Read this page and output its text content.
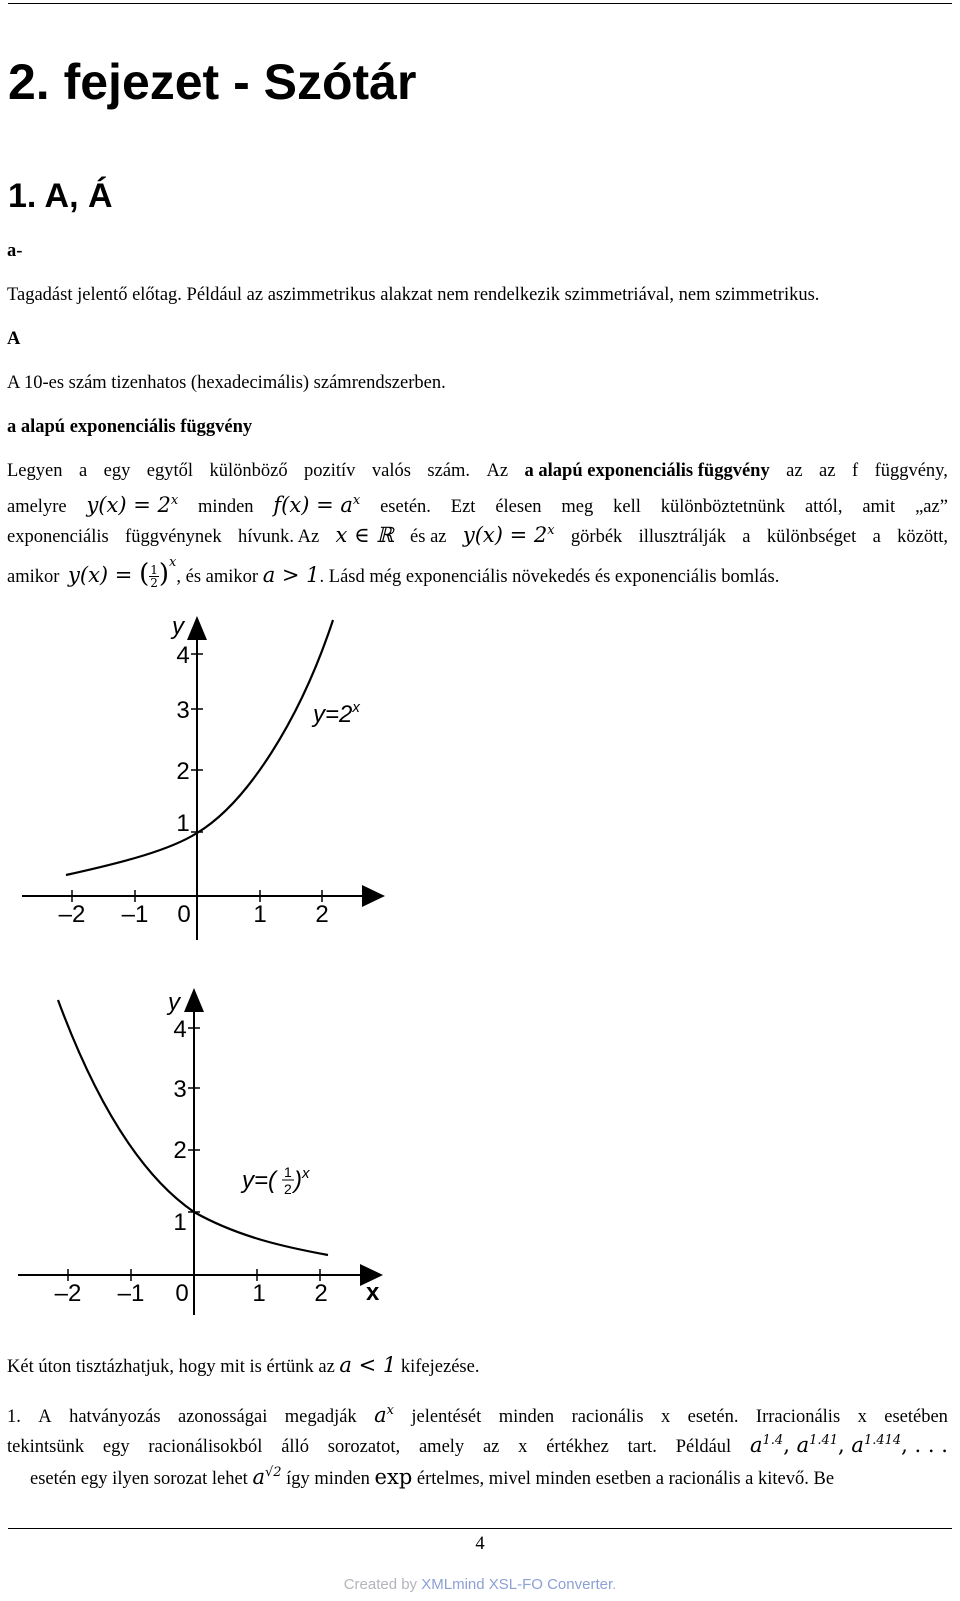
2. fejezet - Szótár
1. A, Á
a-
Tagadást jelentő előtag. Például az aszimmetrikus alakzat nem rendelkezik szimmetriával, nem szimmetrikus.
A
A 10-es szám tizenhatos (hexadecimális) számrendszerben.
a alapú exponenciális függvény
Legyen a egy egytől különböző pozitív valós szám. Az a alapú exponenciális függvény az az f függvény,
amelyre $y(x) = 2^x$ minden $f(x) = a^x$ esetén. Ezt élesen meg kell különböztetnünk attól, amit „az”
exponenciális függvénynek hívunk. Az x ∈ ℝ és az $y(x) = 2^x$ görbék illusztrálják a különbséget a között,
amikor y(x) = ( $\frac{1}{2} )^x$, és amikor a > 1. Lásd még exponenciális növekedés és exponenciális bomlás.
y
–2 –1 0	1 2
1
2
3
4
$y=2^x$
y
x
–2 –1 0	1 2
1
2
3
4
y=( 1
2 )$^x$
Két úton tisztázhatjuk, hogy mit is értünk az a < 1 kifejezése.
1. A hatványozás azonosságai megadják $a^x$ jelentését minden racionális x esetén. Irracionális x esetében
tekintsünk egy racionálisokból álló sorozatot, amely az x értékhez tart. Például $a^{1.4}$, $a^{1.41}$, $a^{1.414}$, . . .
esetén egy ilyen sorozat lehet $a^{√2}$ így minden exp értelmes, mivel minden esetben a racionális a kitevő. Be
4
Created by XMLmind XSL-FO Converter.
